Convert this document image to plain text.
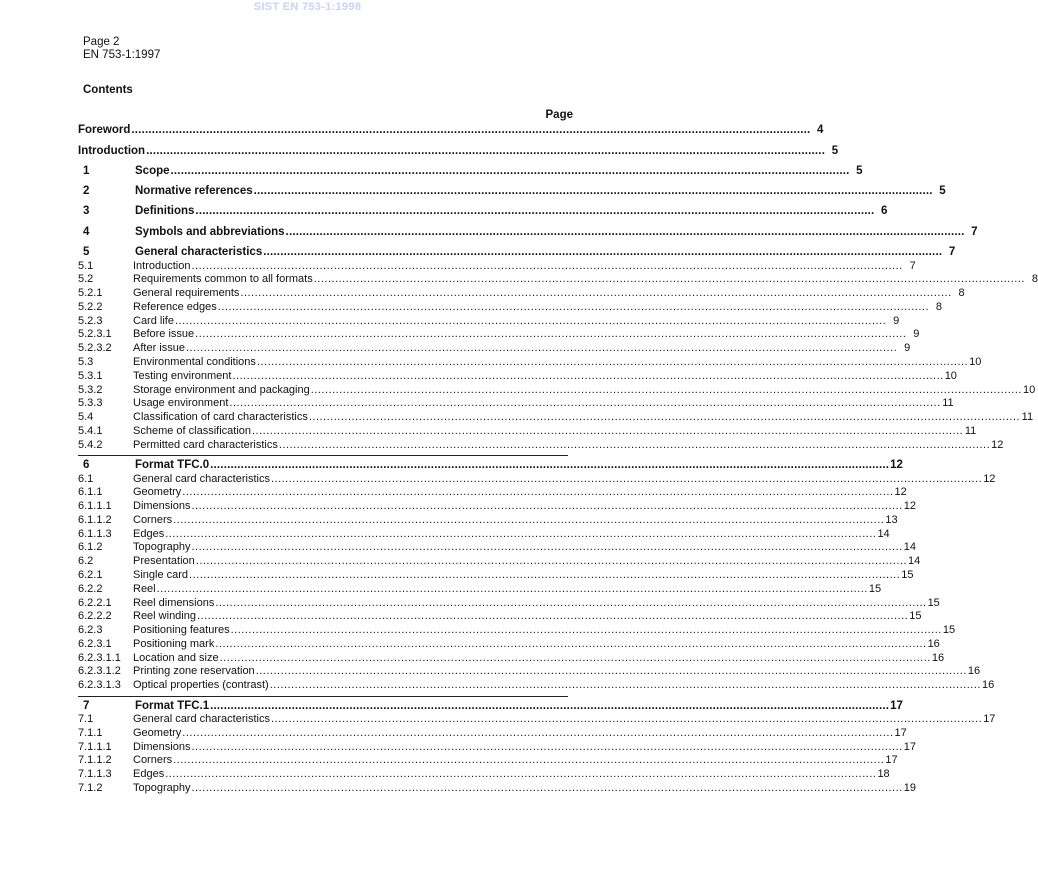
SIST EN 753-1:1998
Page 2
EN 753-1:1997
Contents
Page
Foreword ........................................................................................................................................................................................................ 4
Introduction ........................................................................................................................................................................................................ 5
1	Scope ........................................................................................................................................................................................................ 5
2	Normative references ........................................................................................................................................................................................................ 5
3	Definitions ........................................................................................................................................................................................................ 6
4	Symbols and abbreviations ........................................................................................................................................................................................................ 7
5	General characteristics ........................................................................................................................................................................................................ 7
5.1	Introduction ........................................................................................................................................................................................................ 7
5.2	Requirements common to all formats ........................................................................................................................................................................................................ 8
5.2.1	General requirements ........................................................................................................................................................................................................ 8
5.2.2	Reference edges ........................................................................................................................................................................................................ 8
5.2.3	Card life ........................................................................................................................................................................................................ 9
5.2.3.1	Before issue ........................................................................................................................................................................................................ 9
5.2.3.2	After issue ........................................................................................................................................................................................................ 9
5.3	Environmental conditions ........................................................................................................................................................................................................ 10
5.3.1	Testing environment ........................................................................................................................................................................................................ 10
5.3.2	Storage environment and packaging ........................................................................................................................................................................................................ 10
5.3.3	Usage environment ........................................................................................................................................................................................................ 11
5.4	Classification of card characteristics ........................................................................................................................................................................................................ 11
5.4.1	Scheme of classification ........................................................................................................................................................................................................ 11
5.4.2	Permitted card characteristics ........................................................................................................................................................................................................ 12
6	Format TFC.0 ........................................................................................................................................................................................................ 12
6.1	General card characteristics ........................................................................................................................................................................................................ 12
6.1.1	Geometry ........................................................................................................................................................................................................ 12
6.1.1.1	Dimensions ........................................................................................................................................................................................................ 12
6.1.1.2	Corners ........................................................................................................................................................................................................ 13
6.1.1.3	Edges ........................................................................................................................................................................................................ 14
6.1.2	Topography ........................................................................................................................................................................................................ 14
6.2	Presentation ........................................................................................................................................................................................................ 14
6.2.1	Single card ........................................................................................................................................................................................................ 15
6.2.2	Reel ........................................................................................................................................................................................................ 15
6.2.2.1	Reel dimensions ........................................................................................................................................................................................................ 15
6.2.2.2	Reel winding ........................................................................................................................................................................................................ 15
6.2.3	Positioning features ........................................................................................................................................................................................................ 15
6.2.3.1	Positioning mark ........................................................................................................................................................................................................ 16
6.2.3.1.1	Location and size ........................................................................................................................................................................................................ 16
6.2.3.1.2	Printing zone reservation ........................................................................................................................................................................................................ 16
6.2.3.1.3	Optical properties (contrast) ........................................................................................................................................................................................................ 16
7	Format TFC.1 ........................................................................................................................................................................................................ 17
7.1	General card characteristics ........................................................................................................................................................................................................ 17
7.1.1	Geometry ........................................................................................................................................................................................................ 17
7.1.1.1	Dimensions ........................................................................................................................................................................................................ 17
7.1.1.2	Corners ........................................................................................................................................................................................................ 17
7.1.1.3	Edges ........................................................................................................................................................................................................ 18
7.1.2	Topography ........................................................................................................................................................................................................ 19
